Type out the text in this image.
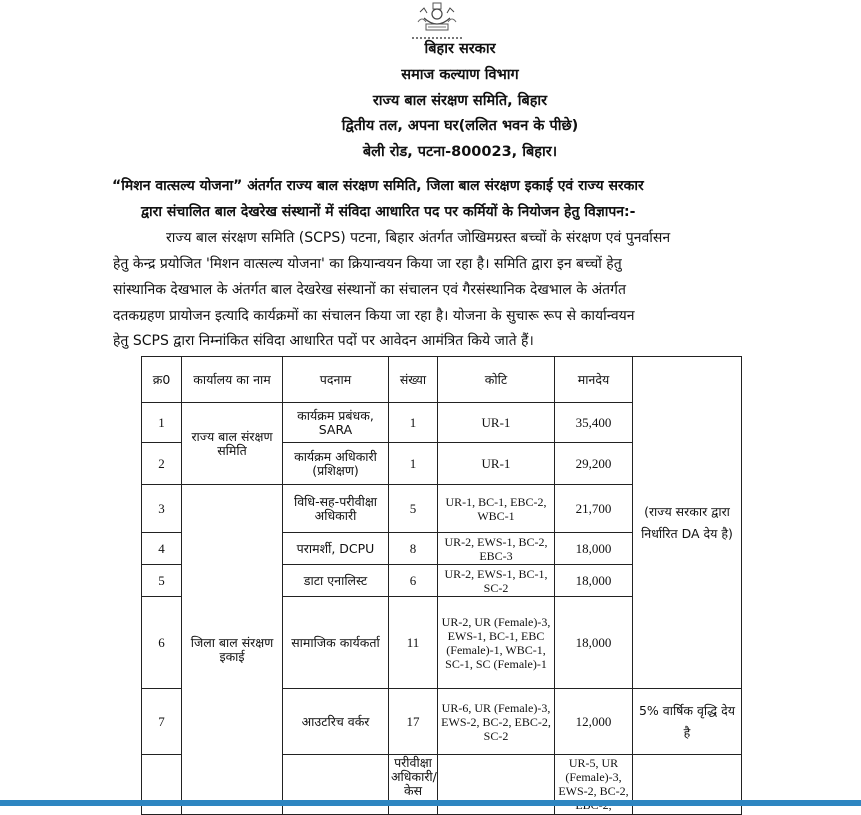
बिहार सरकार
समाज कल्याण विभाग
राज्य बाल संरक्षण समिति, बिहार
द्वितीय तल, अपना घर(ललित भवन के पीछे)
बेली रोड, पटना-800023, बिहार।
“मिशन वात्सल्य योजना” अंतर्गत राज्य बाल संरक्षण समिति, जिला बाल संरक्षण इकाई एवं राज्य सरकार
द्वारा संचालित बाल देखरेख संस्थानों में संविदा आधारित पद पर कर्मियों के नियोजन हेतु विज्ञापन:-
राज्य बाल संरक्षण समिति (SCPS) पटना, बिहार अंतर्गत जोखिमग्रस्त बच्चों के संरक्षण एवं पुनर्वासन
हेतु केन्द्र प्रयोजित 'मिशन वात्सल्य योजना' का क्रियान्वयन किया जा रहा है। समिति द्वारा इन बच्चों हेतु
सांस्थानिक देखभाल के अंतर्गत बाल देखरेख संस्थानों का संचालन एवं गैरसंस्थानिक देखभाल के अंतर्गत
दतकग्रहण प्रायोजन इत्यादि कार्यक्रमों का संचालन किया जा रहा है। योजना के सुचारू रूप से कार्यान्वयन
हेतु SCPS द्वारा निम्नांकित संविदा आधारित पदों पर आवेदन आमंत्रित किये जाते हैं।
क्र0	कार्यालय का नाम	पदनाम	संख्या	कोटि	मानदेय	(राज्य सरकार द्वारा निर्धारित DA देय है)	

1	राज्य बाल संरक्षण समिति	कार्यक्रम प्रबंधक, SARA	1	UR-1	35,400		
2		कार्यक्रम अधिकारी (प्रशिक्षण)	1	UR-1	29,200		
3	जिला बाल संरक्षण इकाई	विधि-सह-परीवीक्षा अधिकारी	5	UR-1, BC-1, EBC-2, WBC-1	21,700		
4		परामर्शी, DCPU	8	UR-2, EWS-1, BC-2, EBC-3	18,000		
5		डाटा एनालिस्ट	6	UR-2, EWS-1, BC-1, SC-2	18,000		
6		सामाजिक कार्यकर्ता	11	UR-2, UR (Female)-3, EWS-1, BC-1, EBC (Female)-1, WBC-1, SC-1, SC (Female)-1	18,000		
7		आउटरिच वर्कर	17	UR-6, UR (Female)-3, EWS-2, BC-2, EBC-2, SC-2	12,000	5% वार्षिक वृद्धि देय है	

			परीवीक्षा अधिकारी/ केस		UR-5, UR (Female)-3, EWS-2, BC-2,		
